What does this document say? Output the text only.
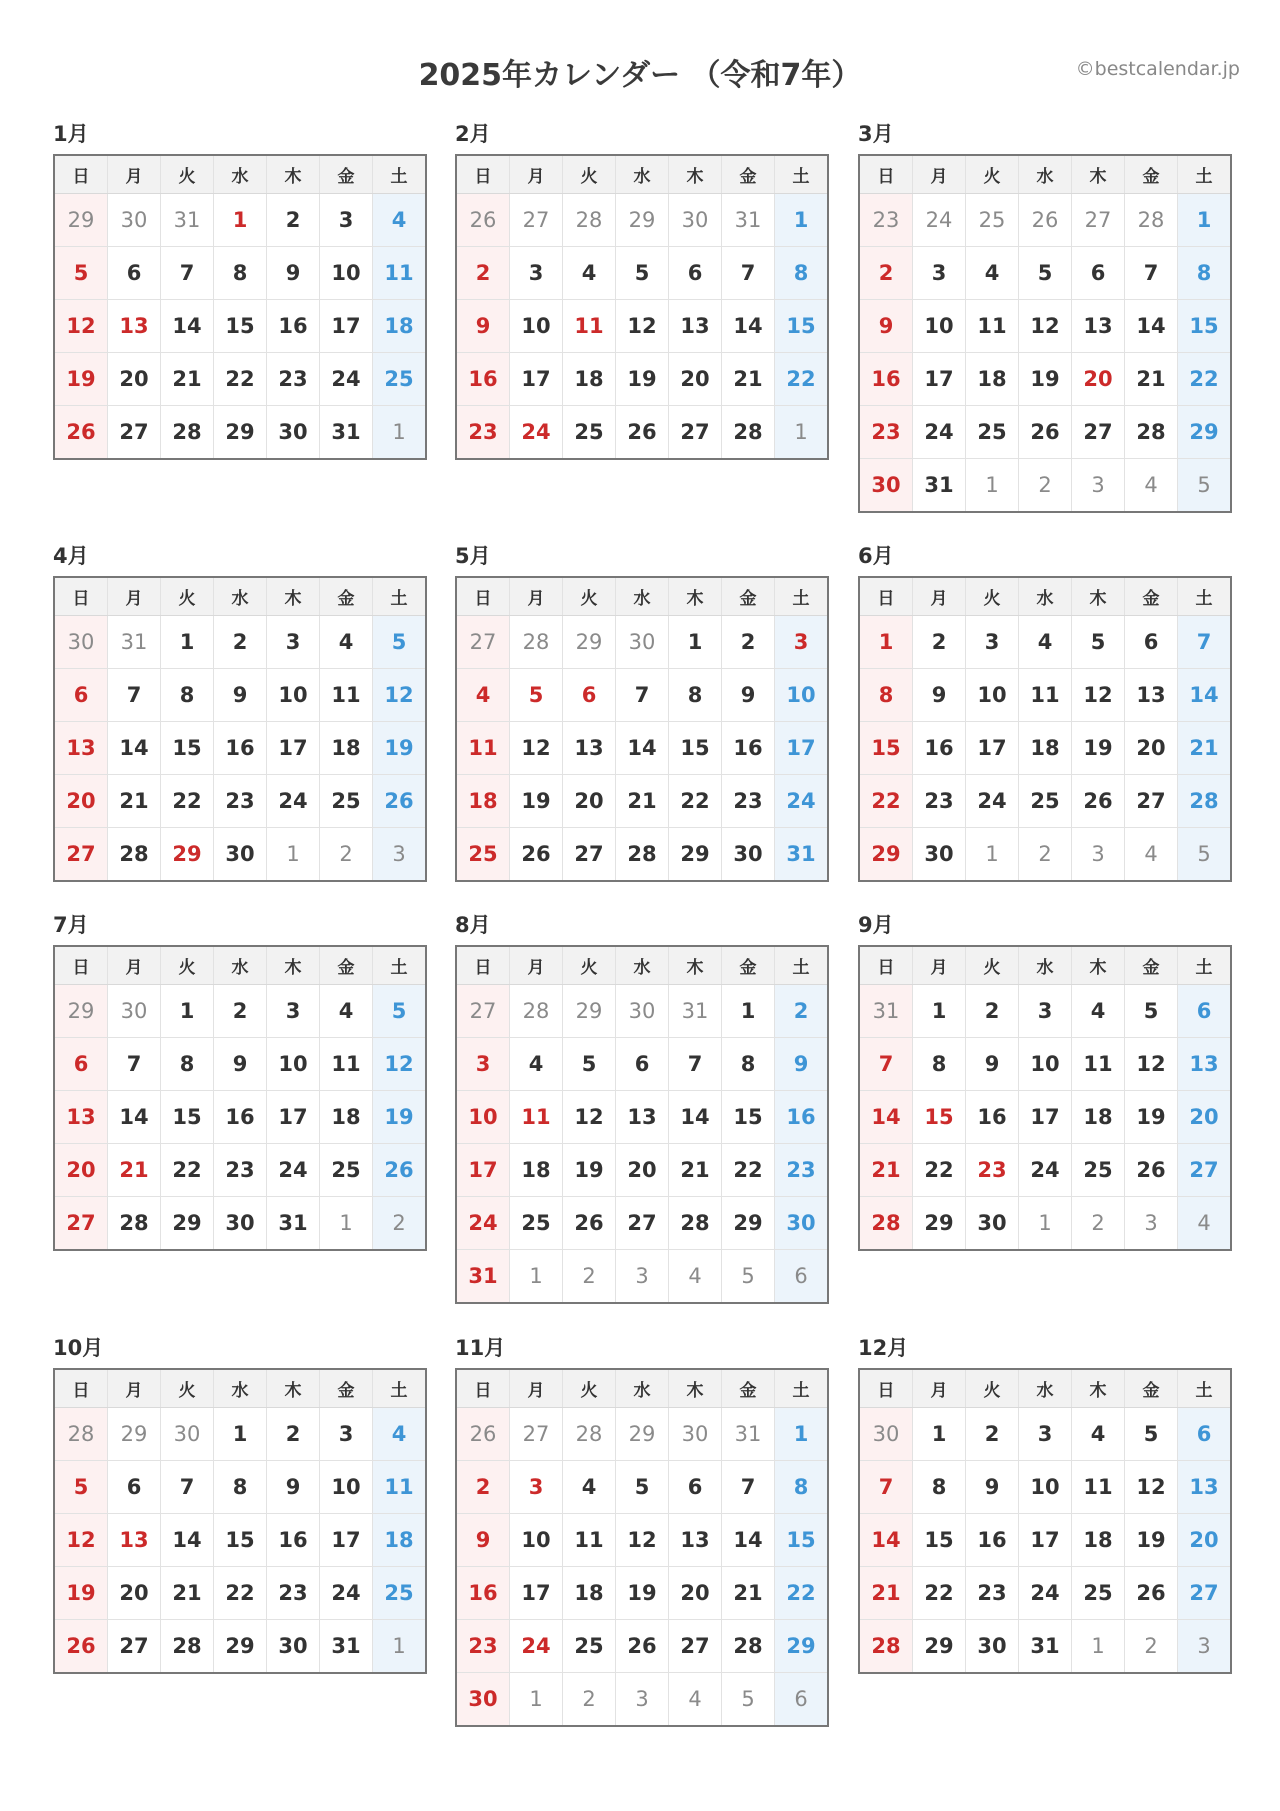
2025年カレンダー （令和7年）	©bestcalendar.jp
1月
日	月	火	水	木	金	土
29	30	31	1	2	3	4
5	6	7	8	9	10	11
12	13	14	15	16	17	18
19	20	21	22	23	24	25
26	27	28	29	30	31	1
2月
日	月	火	水	木	金	土
26	27	28	29	30	31	1
2	3	4	5	6	7	8
9	10	11	12	13	14	15
16	17	18	19	20	21	22
23	24	25	26	27	28	1
3月
日	月	火	水	木	金	土
23	24	25	26	27	28	1
2	3	4	5	6	7	8
9	10	11	12	13	14	15
16	17	18	19	20	21	22
23	24	25	26	27	28	29
30	31	1	2	3	4	5
4月
日	月	火	水	木	金	土
30	31	1	2	3	4	5
6	7	8	9	10	11	12
13	14	15	16	17	18	19
20	21	22	23	24	25	26
27	28	29	30	1	2	3
5月
日	月	火	水	木	金	土
27	28	29	30	1	2	3
4	5	6	7	8	9	10
11	12	13	14	15	16	17
18	19	20	21	22	23	24
25	26	27	28	29	30	31
6月
日	月	火	水	木	金	土
1	2	3	4	5	6	7
8	9	10	11	12	13	14
15	16	17	18	19	20	21
22	23	24	25	26	27	28
29	30	1	2	3	4	5
7月
日	月	火	水	木	金	土
29	30	1	2	3	4	5
6	7	8	9	10	11	12
13	14	15	16	17	18	19
20	21	22	23	24	25	26
27	28	29	30	31	1	2
8月
日	月	火	水	木	金	土
27	28	29	30	31	1	2
3	4	5	6	7	8	9
10	11	12	13	14	15	16
17	18	19	20	21	22	23
24	25	26	27	28	29	30
31	1	2	3	4	5	6
9月
日	月	火	水	木	金	土
31	1	2	3	4	5	6
7	8	9	10	11	12	13
14	15	16	17	18	19	20
21	22	23	24	25	26	27
28	29	30	1	2	3	4
10月
日	月	火	水	木	金	土
28	29	30	1	2	3	4
5	6	7	8	9	10	11
12	13	14	15	16	17	18
19	20	21	22	23	24	25
26	27	28	29	30	31	1
11月
日	月	火	水	木	金	土
26	27	28	29	30	31	1
2	3	4	5	6	7	8
9	10	11	12	13	14	15
16	17	18	19	20	21	22
23	24	25	26	27	28	29
30	1	2	3	4	5	6
12月
日	月	火	水	木	金	土
30	1	2	3	4	5	6
7	8	9	10	11	12	13
14	15	16	17	18	19	20
21	22	23	24	25	26	27
28	29	30	31	1	2	3
